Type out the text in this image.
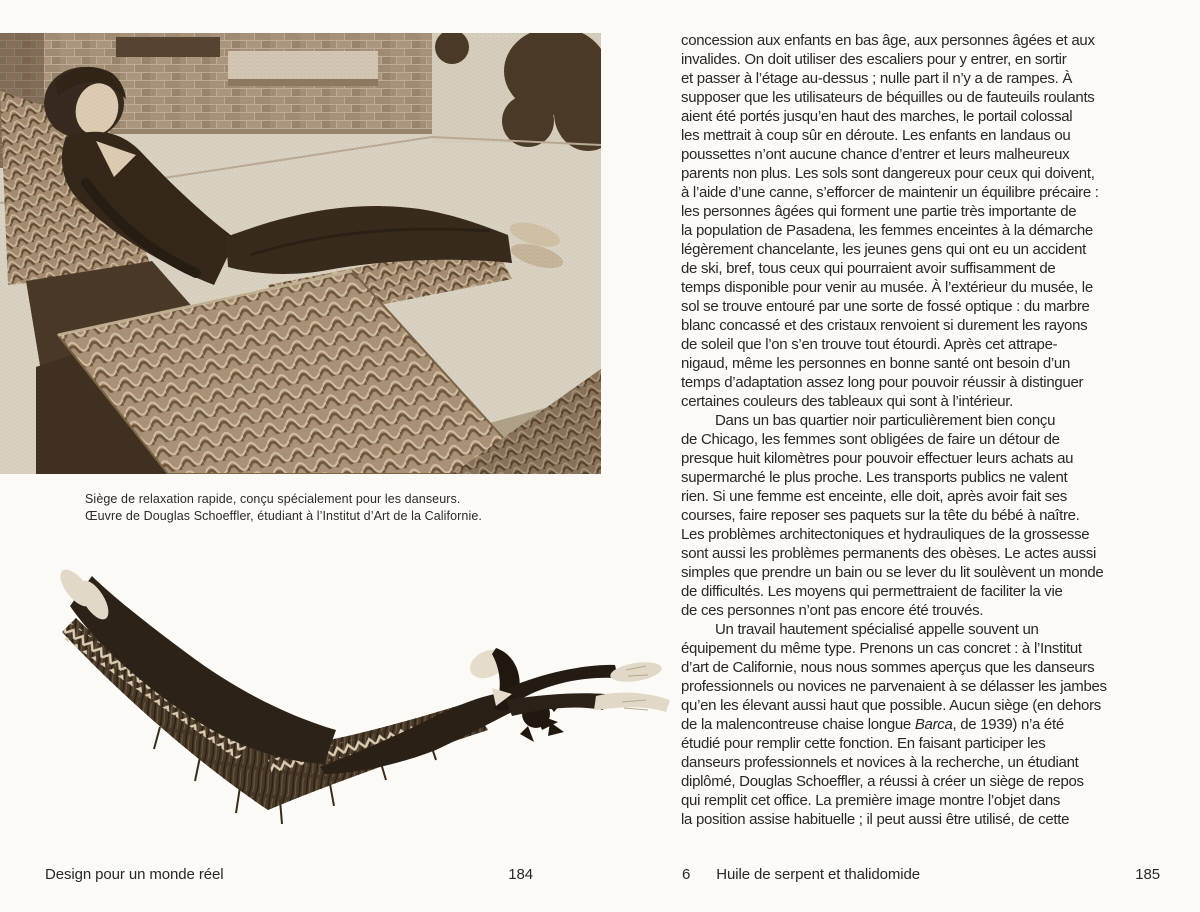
Siège de relaxation rapide, conçu spécialement pour les danseurs.
Œuvre de Douglas Schoeffler, étudiant à l’Institut d’Art de la Californie.
Design pour un monde réel	184
concession aux enfants en bas âge, aux personnes âgées et aux
invalides. On doit utiliser des escaliers pour y entrer, en sortir
et passer à l’étage au-dessus ; nulle part il n’y a de rampes. À
supposer que les utilisateurs de béquilles ou de fauteuils roulants
aient été portés jusqu’en haut des marches, le portail colossal
les mettrait à coup sûr en déroute. Les enfants en landaus ou
poussettes n’ont aucune chance d’entrer et leurs malheureux
parents non plus. Les sols sont dangereux pour ceux qui doivent,
à l’aide d’une canne, s’efforcer de maintenir un équilibre précaire :
les personnes âgées qui forment une partie très importante de
la population de Pasadena, les femmes enceintes à la démarche
légèrement chancelante, les jeunes gens qui ont eu un accident
de ski, bref, tous ceux qui pourraient avoir suffisamment de
temps disponible pour venir au musée. À l’extérieur du musée, le
sol se trouve entouré par une sorte de fossé optique : du marbre
blanc concassé et des cristaux renvoient si durement les rayons
de soleil que l’on s’en trouve tout étourdi. Après cet attrape-
nigaud, même les personnes en bonne santé ont besoin d’un
temps d’adaptation assez long pour pouvoir réussir à distinguer
certaines couleurs des tableaux qui sont à l’intérieur.
Dans un bas quartier noir particulièrement bien conçu
de Chicago, les femmes sont obligées de faire un détour de
presque huit kilomètres pour pouvoir effectuer leurs achats au
supermarché le plus proche. Les transports publics ne valent
rien. Si une femme est enceinte, elle doit, après avoir fait ses
courses, faire reposer ses paquets sur la tête du bébé à naître.
Les problèmes architectoniques et hydrauliques de la grossesse
sont aussi les problèmes permanents des obèses. Le actes aussi
simples que prendre un bain ou se lever du lit soulèvent un monde
de difficultés. Les moyens qui permettraient de faciliter la vie
de ces personnes n’ont pas encore été trouvés.
Un travail hautement spécialisé appelle souvent un
équipement du même type. Prenons un cas concret : à l’Institut
d’art de Californie, nous nous sommes aperçus que les danseurs
professionnels ou novices ne parvenaient à se délasser les jambes
qu’en les élevant aussi haut que possible. Aucun siège (en dehors
de la malencontreuse chaise longue Barca, de 1939) n’a été
étudié pour remplir cette fonction. En faisant participer les
danseurs professionnels et novices à la recherche, un étudiant
diplômé, Douglas Schoeffler, a réussi à créer un siège de repos
qui remplit cet office. La première image montre l’objet dans
la position assise habituelle ; il peut aussi être utilisé, de cette
6 Huile de serpent et thalidomide	185
